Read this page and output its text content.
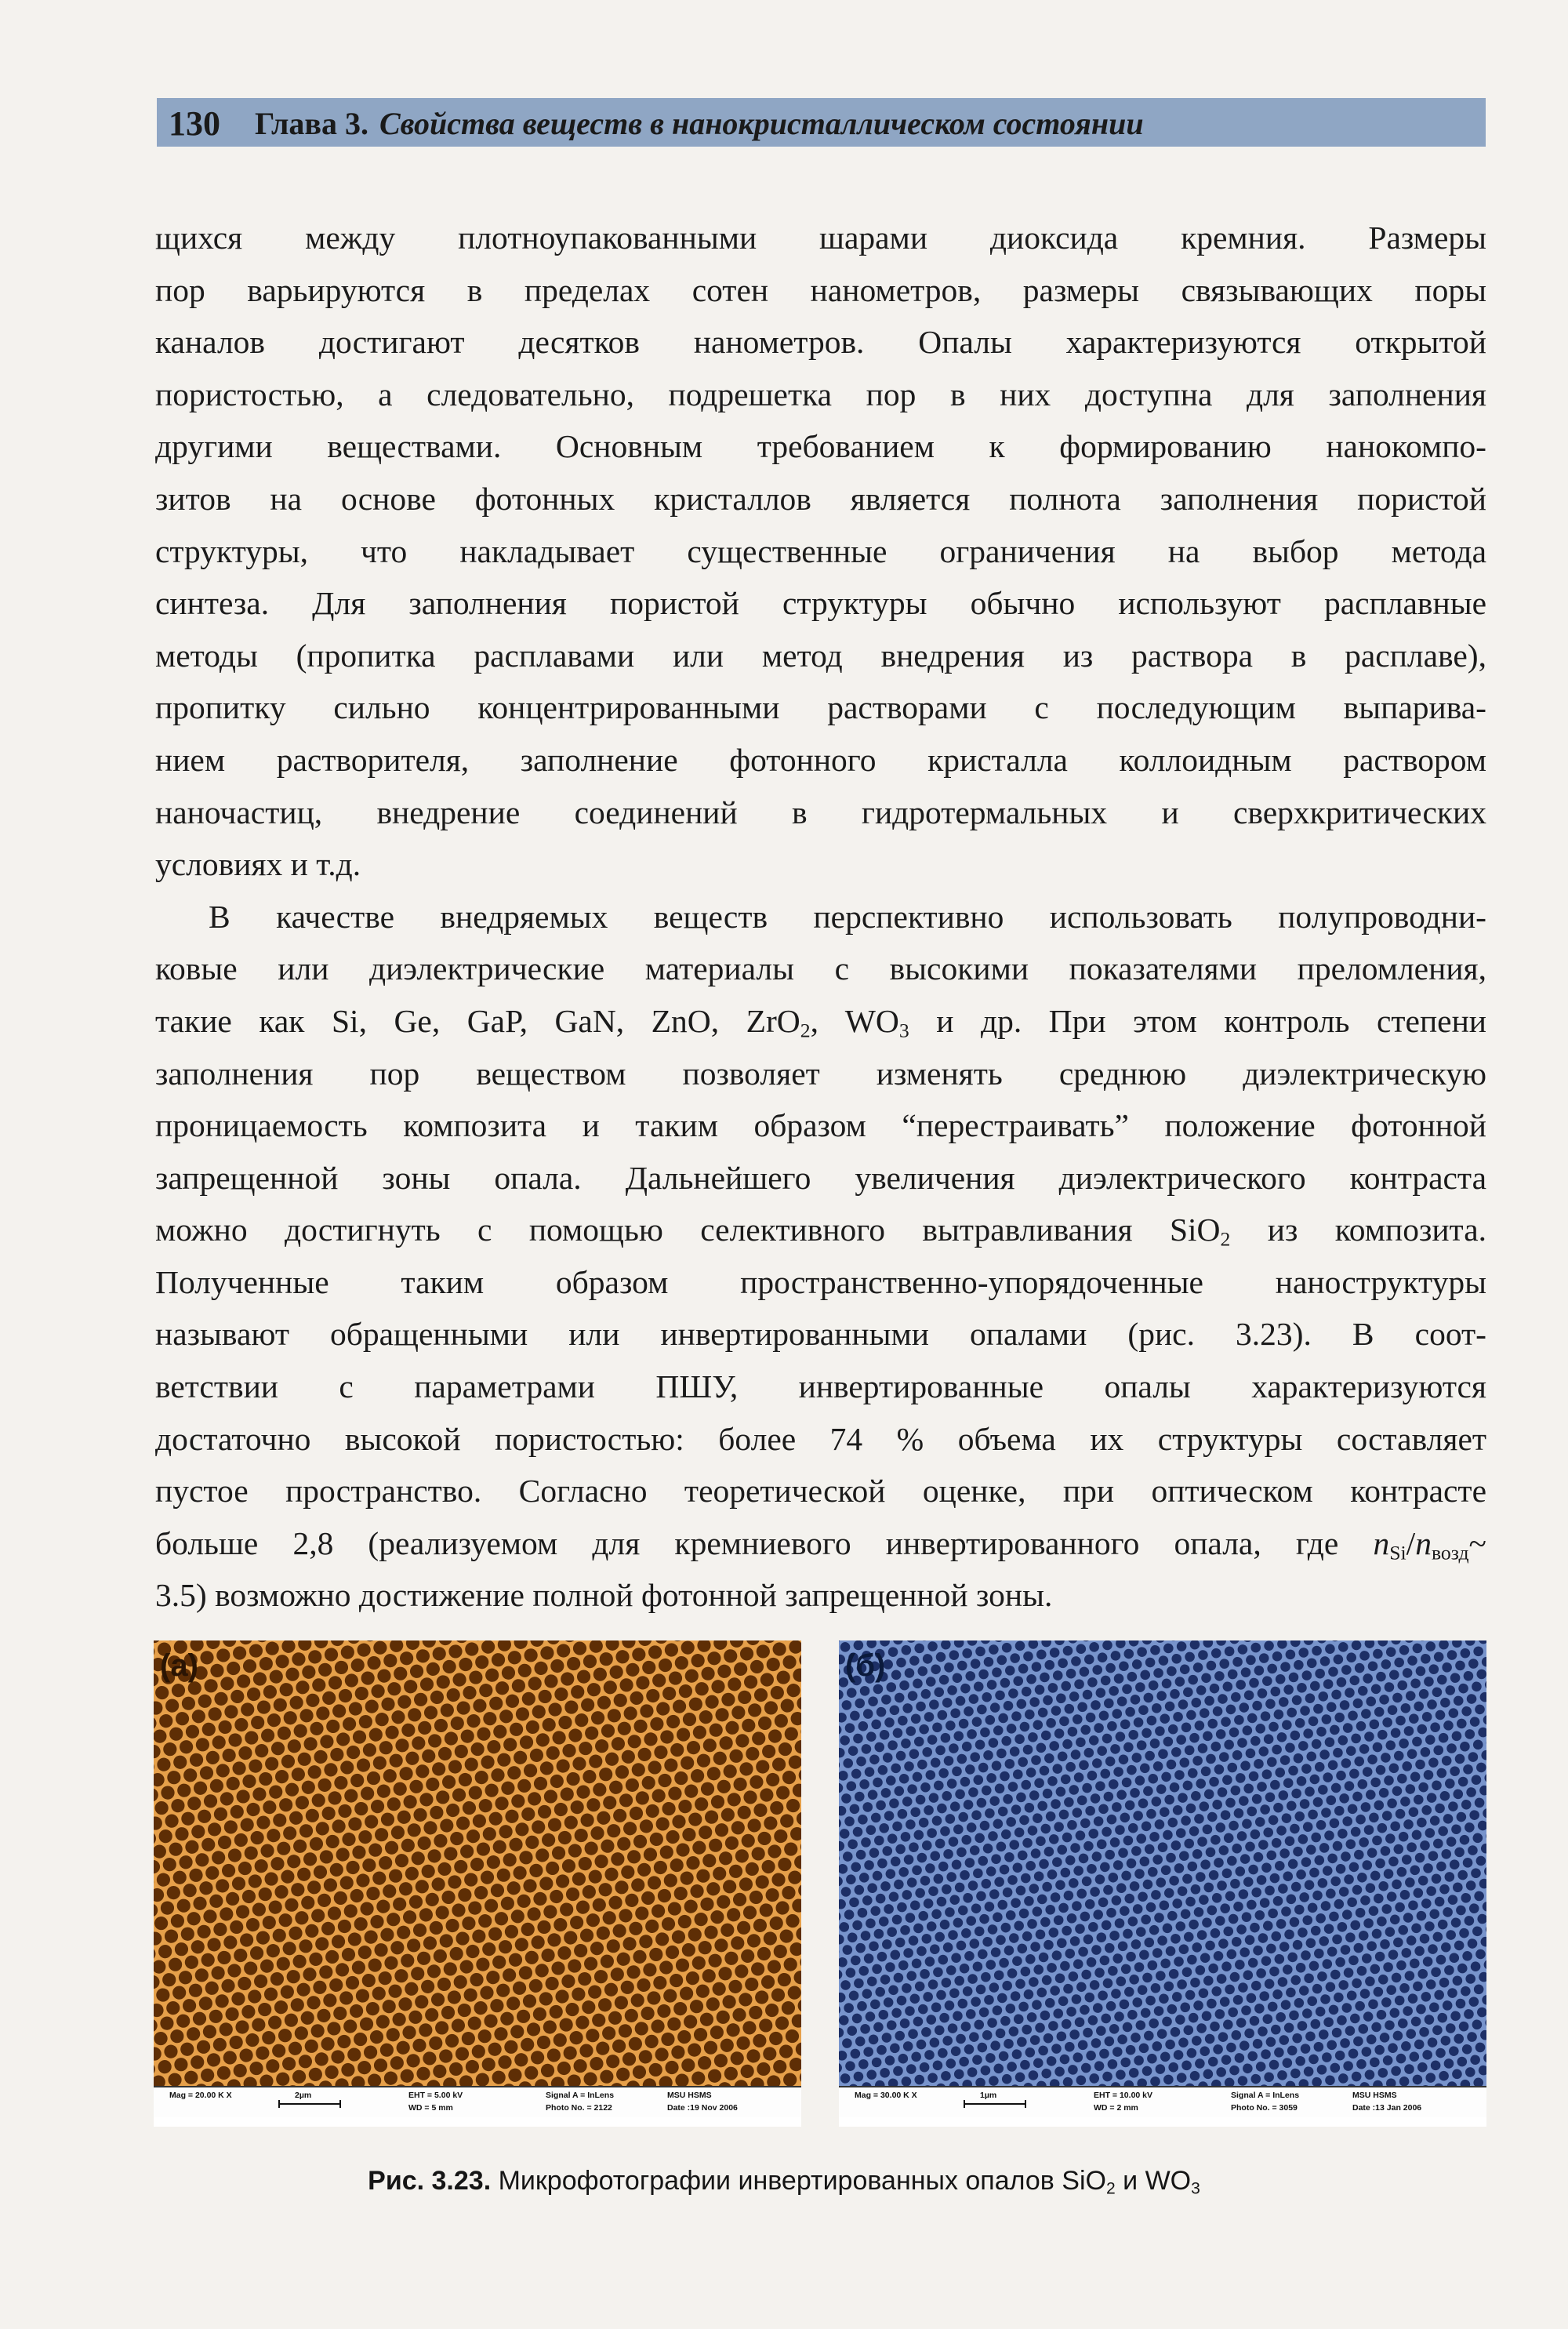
130 Глава 3. Свойства веществ в нанокристаллическом состоянии
щихся между плотноупакованными шарами диоксида кремния. Размеры
пор варьируются в пределах сотен нанометров, размеры связывающих поры
каналов достигают десятков нанометров. Опалы характеризуются открытой
пористостью, а следовательно, подрешетка пор в них доступна для заполнения
другими веществами. Основным требованием к формированию нанокомпо-
зитов на основе фотонных кристаллов является полнота заполнения пористой
структуры, что накладывает существенные ограничения на выбор метода
синтеза. Для заполнения пористой структуры обычно используют расплавные
методы (пропитка расплавами или метод внедрения из раствора в расплаве),
пропитку сильно концентрированными растворами с последующим выпарива-
нием растворителя, заполнение фотонного кристалла коллоидным раствором
наночастиц, внедрение соединений в гидротермальных и сверхкритических
условиях и т.д.
В качестве внедряемых веществ перспективно использовать полупроводни-
ковые или диэлектрические материалы с высокими показателями преломления,
такие как Si, Ge, GaP, GaN, ZnO, ZrO$_2$, $WO_3$ и др. При этом контроль степени
заполнения пор веществом позволяет изменять среднюю диэлектрическую
проницаемость композита и таким образом “перестраивать” положение фотонной
запрещенной зоны опала. Дальнейшего увеличения диэлектрического контраста
можно достигнуть с помощью селективного вытравливания SiO$_2$ из композита.
Полученные таким образом пространственно-упорядоченные наноструктуры
называют обращенными или инвертированными опалами (рис. 3.23). В соот-
ветствии с параметрами ПШУ, инвертированные опалы характеризуются
достаточно высокой пористостью: более 74 % объема их структуры составляет
пустое пространство. Согласно теоретической оценке, при оптическом контрасте
больше 2,8 (реализуемом для кремниевого инвертированного опала, где $n_{Si}/n_{возд}\sim$
3.5) возможно достижение полной фотонной запрещенной зоны.
(а)
Mag = 20.00 K X	2µm	EHT = 5.00 kV
WD = 5 mm
Signal A = InLens
Photo No. = 2122
MSU HSMS
Date :19 Nov 2006
(б)
Mag = 30.00 K X	1µm	EHT = 10.00 kV
WD = 2 mm
Signal A = InLens
Photo No. = 3059
MSU HSMS
Date :13 Jan 2006
Рис. 3.23. Микрофотографии инвертированных опалов SiO$_2$ и $WO_3$
